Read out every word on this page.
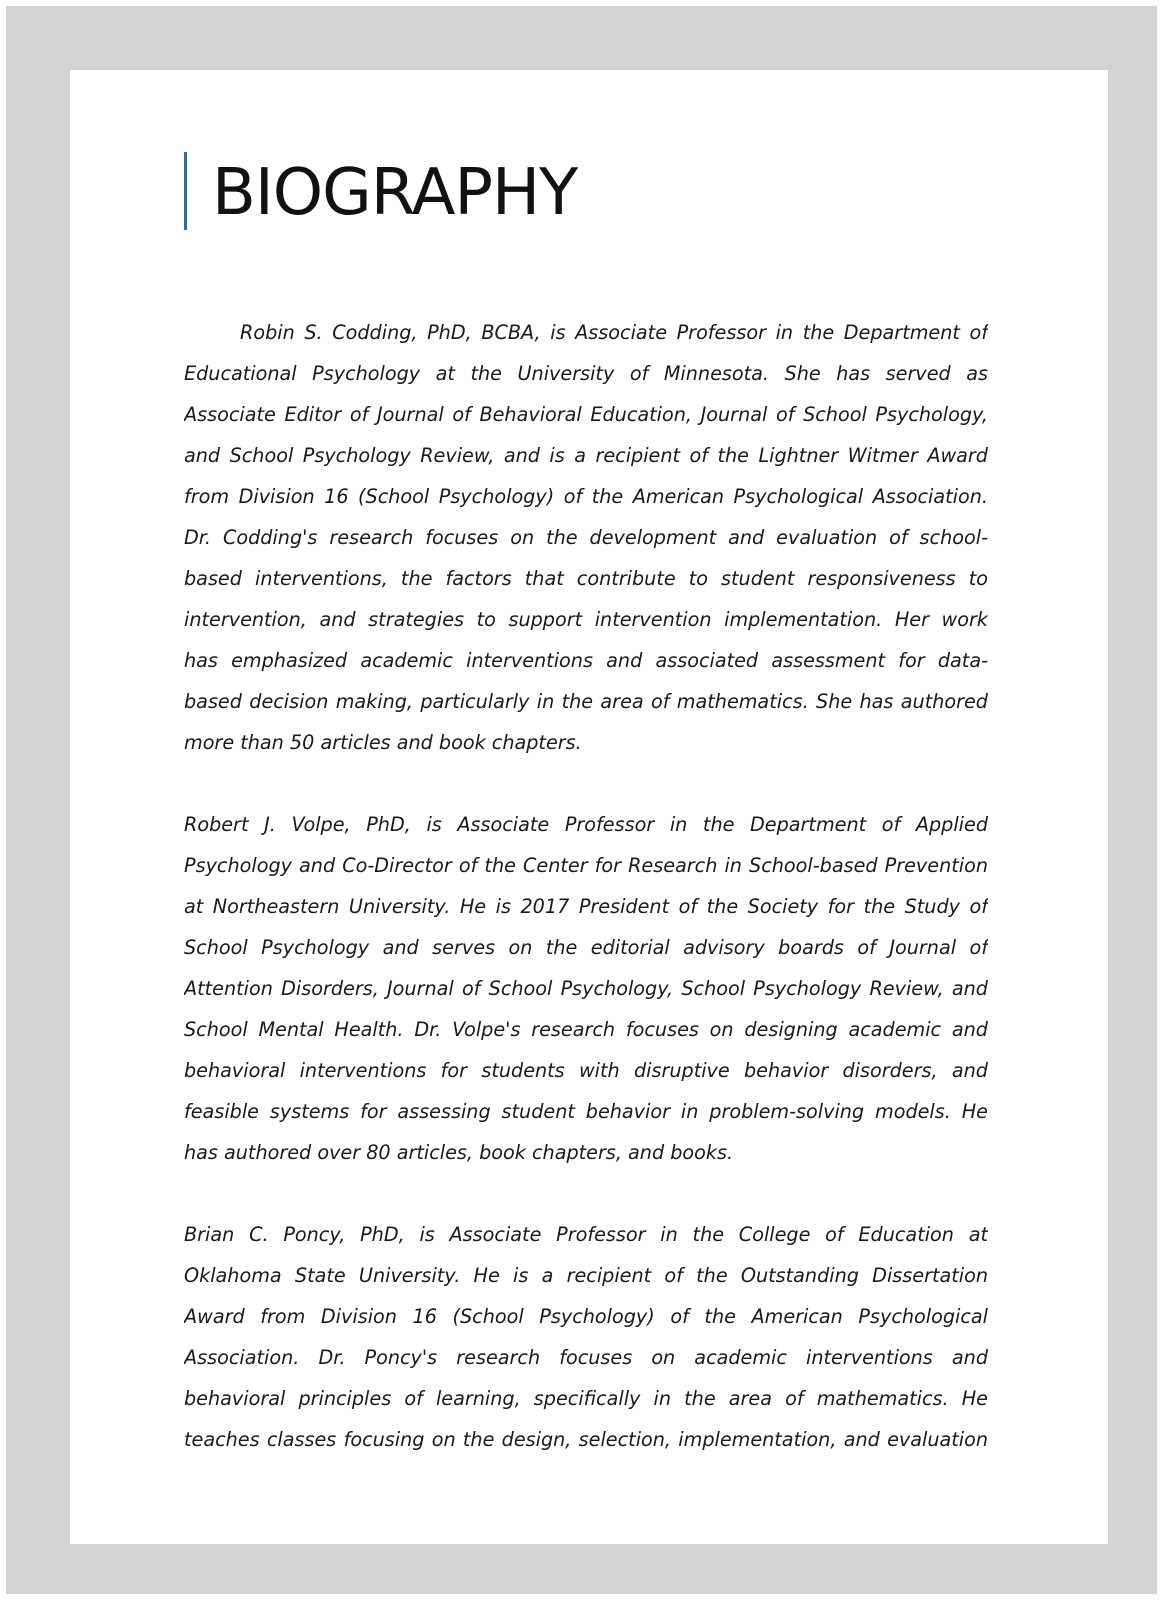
BIOGRAPHY

Robin S. Codding, PhD, BCBA, is Associate Professor in the Department of
Educational Psychology at the University of Minnesota. She has served as
Associate Editor of Journal of Behavioral Education, Journal of School Psychology,
and School Psychology Review, and is a recipient of the Lightner Witmer Award
from Division 16 (School Psychology) of the American Psychological Association.
Dr. Codding's research focuses on the development and evaluation of school-
based interventions, the factors that contribute to student responsiveness to
intervention, and strategies to support intervention implementation. Her work
has emphasized academic interventions and associated assessment for data-
based decision making, particularly in the area of mathematics. She has authored
more than 50 articles and book chapters.

Robert J. Volpe, PhD, is Associate Professor in the Department of Applied
Psychology and Co-Director of the Center for Research in School-based Prevention
at Northeastern University. He is 2017 President of the Society for the Study of
School Psychology and serves on the editorial advisory boards of Journal of
Attention Disorders, Journal of School Psychology, School Psychology Review, and
School Mental Health. Dr. Volpe's research focuses on designing academic and
behavioral interventions for students with disruptive behavior disorders, and
feasible systems for assessing student behavior in problem-solving models. He
has authored over 80 articles, book chapters, and books.

Brian C. Poncy, PhD, is Associate Professor in the College of Education at
Oklahoma State University. He is a recipient of the Outstanding Dissertation
Award from Division 16 (School Psychology) of the American Psychological
Association. Dr. Poncy's research focuses on academic interventions and
behavioral principles of learning, specifically in the area of mathematics. He
teaches classes focusing on the design, selection, implementation, and evaluation
